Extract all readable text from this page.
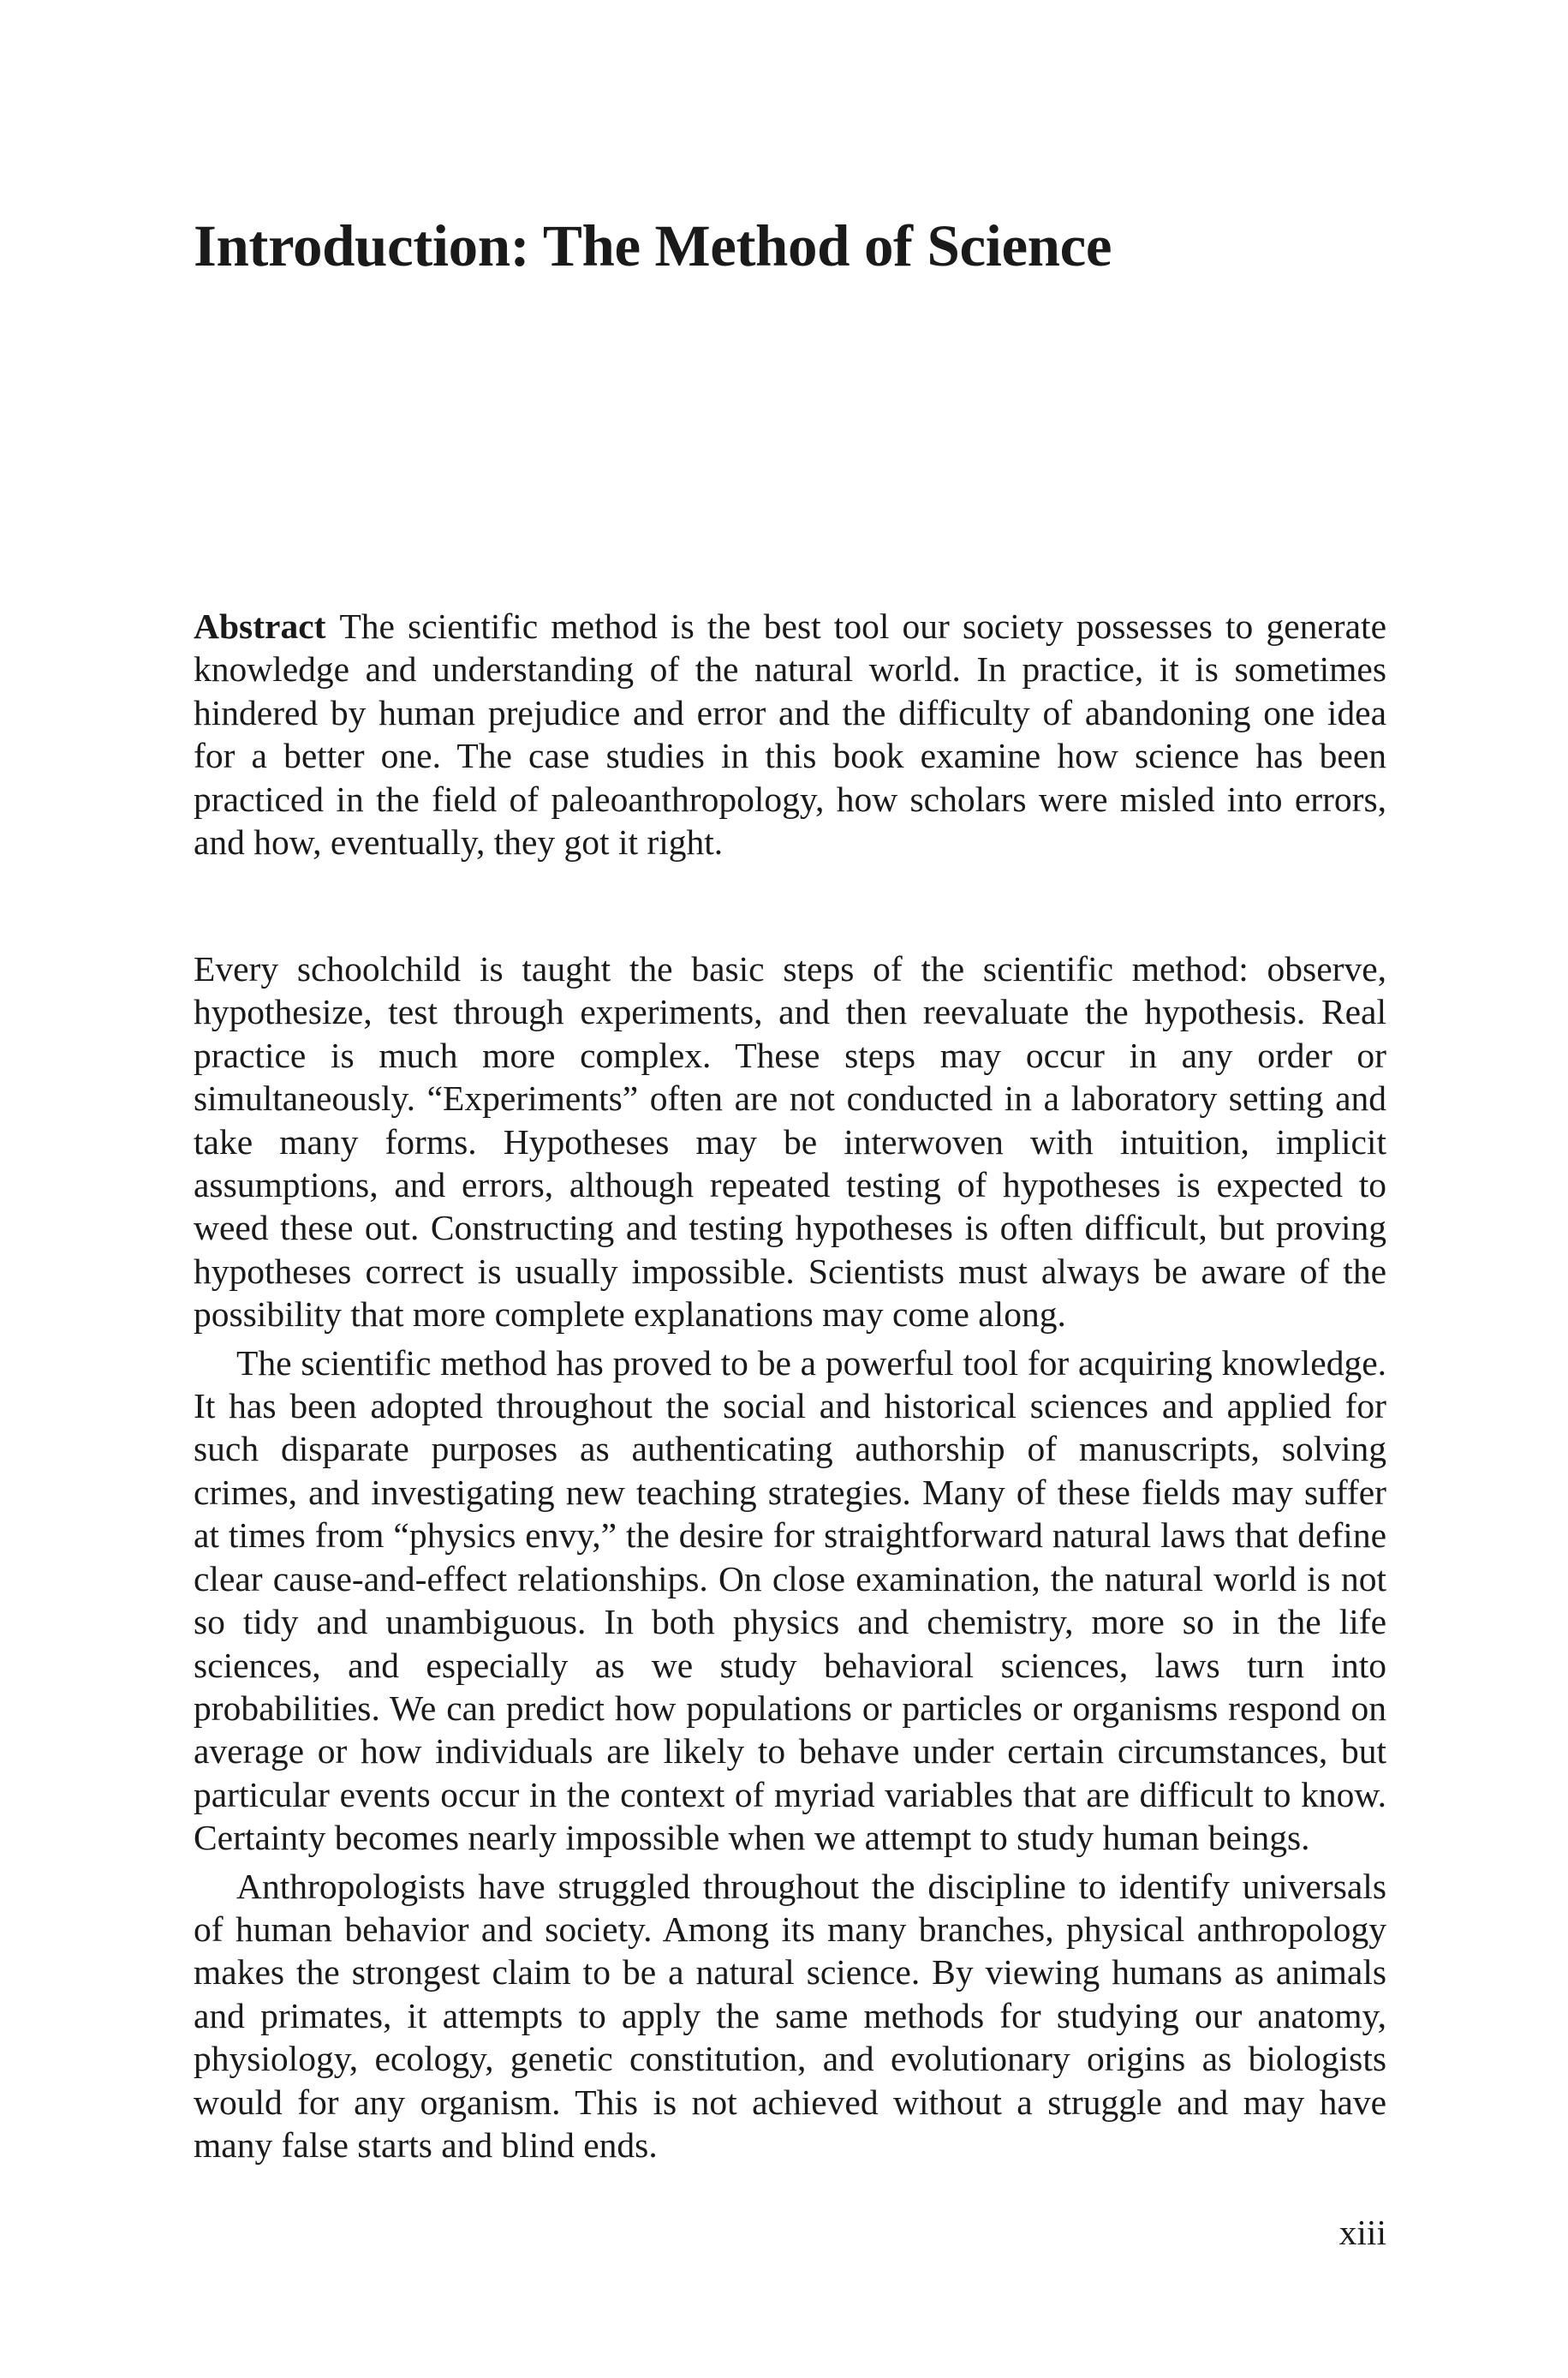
Introduction: The Method of Science

Abstract The scientific method is the best tool our society possesses to generate knowledge and understanding of the natural world. In practice, it is sometimes hindered by human prejudice and error and the difficulty of abandoning one idea for a better one. The case studies in this book examine how science has been practiced in the field of paleoanthropology, how scholars were misled into errors, and how, eventually, they got it right.

Every schoolchild is taught the basic steps of the scientific method: observe, hypothesize, test through experiments, and then reevaluate the hypothesis. Real practice is much more complex. These steps may occur in any order or simultaneously. “Experiments” often are not conducted in a laboratory setting and take many forms. Hypotheses may be interwoven with intuition, implicit assumptions, and errors, although repeated testing of hypotheses is expected to weed these out. Constructing and testing hypotheses is often difficult, but proving hypotheses correct is usually impossible. Scientists must always be aware of the possibility that more complete explanations may come along.

The scientific method has proved to be a powerful tool for acquiring knowledge. It has been adopted throughout the social and historical sciences and applied for such disparate purposes as authenticating authorship of manuscripts, solving crimes, and investigating new teaching strategies. Many of these fields may suffer at times from “physics envy,” the desire for straightforward natural laws that define clear cause-and-effect relationships. On close examination, the natural world is not so tidy and unambiguous. In both physics and chemistry, more so in the life sciences, and especially as we study behavioral sciences, laws turn into probabilities. We can predict how populations or particles or organisms respond on average or how individuals are likely to behave under certain circumstances, but particular events occur in the context of myriad variables that are difficult to know. Certainty becomes nearly impossible when we attempt to study human beings.

Anthropologists have struggled throughout the discipline to identify universals of human behavior and society. Among its many branches, physical anthropology makes the strongest claim to be a natural science. By viewing humans as animals and primates, it attempts to apply the same methods for studying our anatomy, physiology, ecology, genetic constitution, and evolutionary origins as biologists would for any organism. This is not achieved without a struggle and may have many false starts and blind ends.

xiii
